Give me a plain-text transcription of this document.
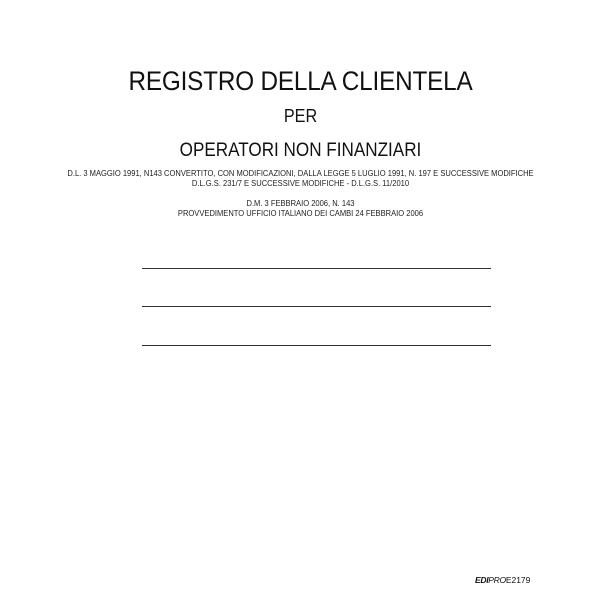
REGISTRO DELLA CLIENTELA
PER
OPERATORI NON FINANZIARI
D.L. 3 MAGGIO 1991, N143 CONVERTITO, CON MODIFICAZIONI, DALLA LEGGE 5 LUGLIO 1991, N. 197 E SUCCESSIVE MODIFICHE
D.L.G.S. 231/7 E SUCCESSIVE MODIFICHE - D.L.G.S. 11/2010
D.M. 3 FEBBRAIO 2006, N. 143
PROVVEDIMENTO UFFICIO ITALIANO DEI CAMBI 24 FEBBRAIO 2006
EDIPROE2179
